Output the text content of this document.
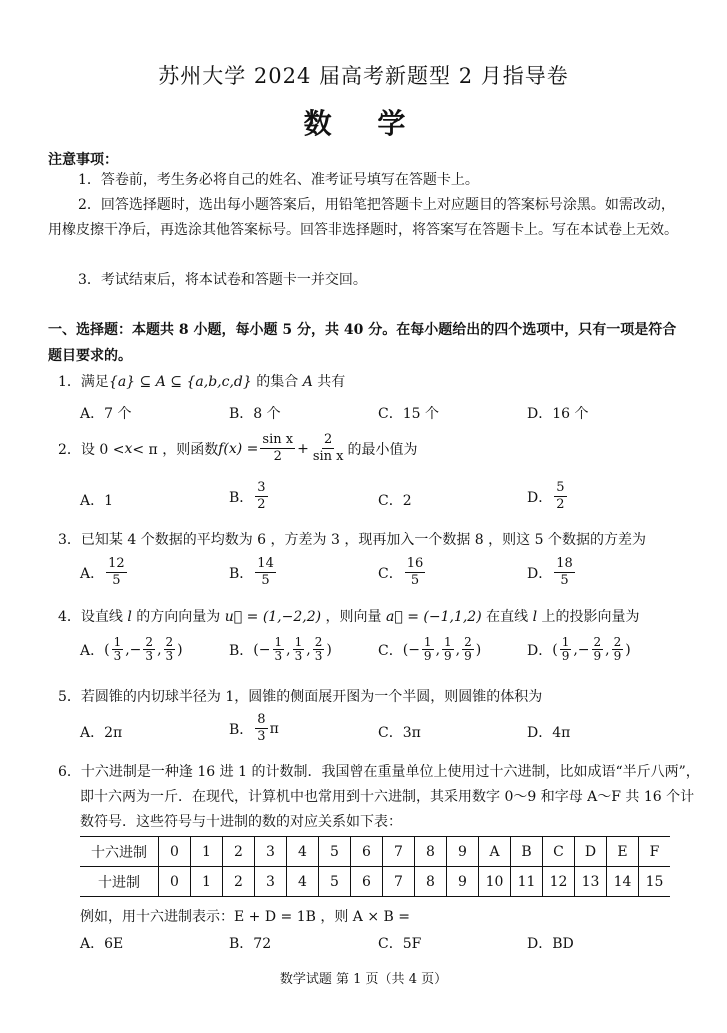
苏州大学 2024 届高考新题型 2 月指导卷
数 学
注意事项：
1．答卷前，考生务必将自己的姓名、准考证号填写在答题卡上。
2．回答选择题时，选出每小题答案后，用铅笔把答题卡上对应题目的答案标号涂黑。如需改动，用橡皮擦干净后，再选涂其他答案标号。回答非选择题时，将答案写在答题卡上。写在本试卷上无效。
3．考试结束后，将本试卷和答题卡一并交回。
一、选择题：本题共 8 小题，每小题 5 分，共 40 分。在每小题给出的四个选项中，只有一项是符合题目要求的。
1．满足{a} ⊆ A ⊆ {a,b,c,d} 的集合 A 共有
A．7 个	B．8 个	C．15 个	D．16 个
2． 设 0 < x < π ，则函数 $f(x) = \frac{\text{sin x}}{2} + \frac{2}{\text{sin x}}$ 的最小值为
A．1	B． $\frac{3}{2}$	C．2	D． $\frac{5}{2}$
3．已知某 4 个数据的平均数为 6 ，方差为 3 ，现再加入一个数据 8 ，则这 5 个数据的方差为
A． $\frac{12}{5}$	B． $\frac{14}{5}$	C． $\frac{16}{5}$	D． $\frac{18}{5}$
4．设直线 l 的方向向量为 u⃗ = (1,−2,2) ，则向量 a⃗ = (−1,1,2) 在直线 l 上的投影向量为
A． ( $\frac{1}{3}$ ,− $\frac{2}{3}$ , $\frac{2}{3}$ )	B． ( − $\frac{1}{3}$ , $\frac{1}{3}$ , $\frac{2}{3}$ )	C． ( − $\frac{1}{9}$ , $\frac{1}{9}$ , $\frac{2}{9}$ )	D． ( $\frac{1}{9}$ ,− $\frac{2}{9}$ , $\frac{2}{9}$ )
5．若圆锥的内切球半径为 1，圆锥的侧面展开图为一个半圆，则圆锥的体积为
A．2π	B． $\frac{8}{3}$ π	C．3π	D．4π
6．十六进制是一种逢 16 进 1 的计数制．我国曾在重量单位上使用过十六进制，比如成语“半斤八两”，即十六两为一斤．在现代，计算机中也常用到十六进制，其采用数字 0～9 和字母 A～F 共 16 个计数符号．这些符号与十进制的数的对应关系如下表：
十六进制	0	1	2	3	4	5	6	7	8	9	A	B	C	D	E	F
十进制	0	1	2	3	4	5	6	7	8	9	10	11	12	13	14	15
例如，用十六进制表示：E + D = 1B ，则 A × B =
A．6E	B．72	C．5F	D．BD
数学试题 第 1 页（共 4 页）
